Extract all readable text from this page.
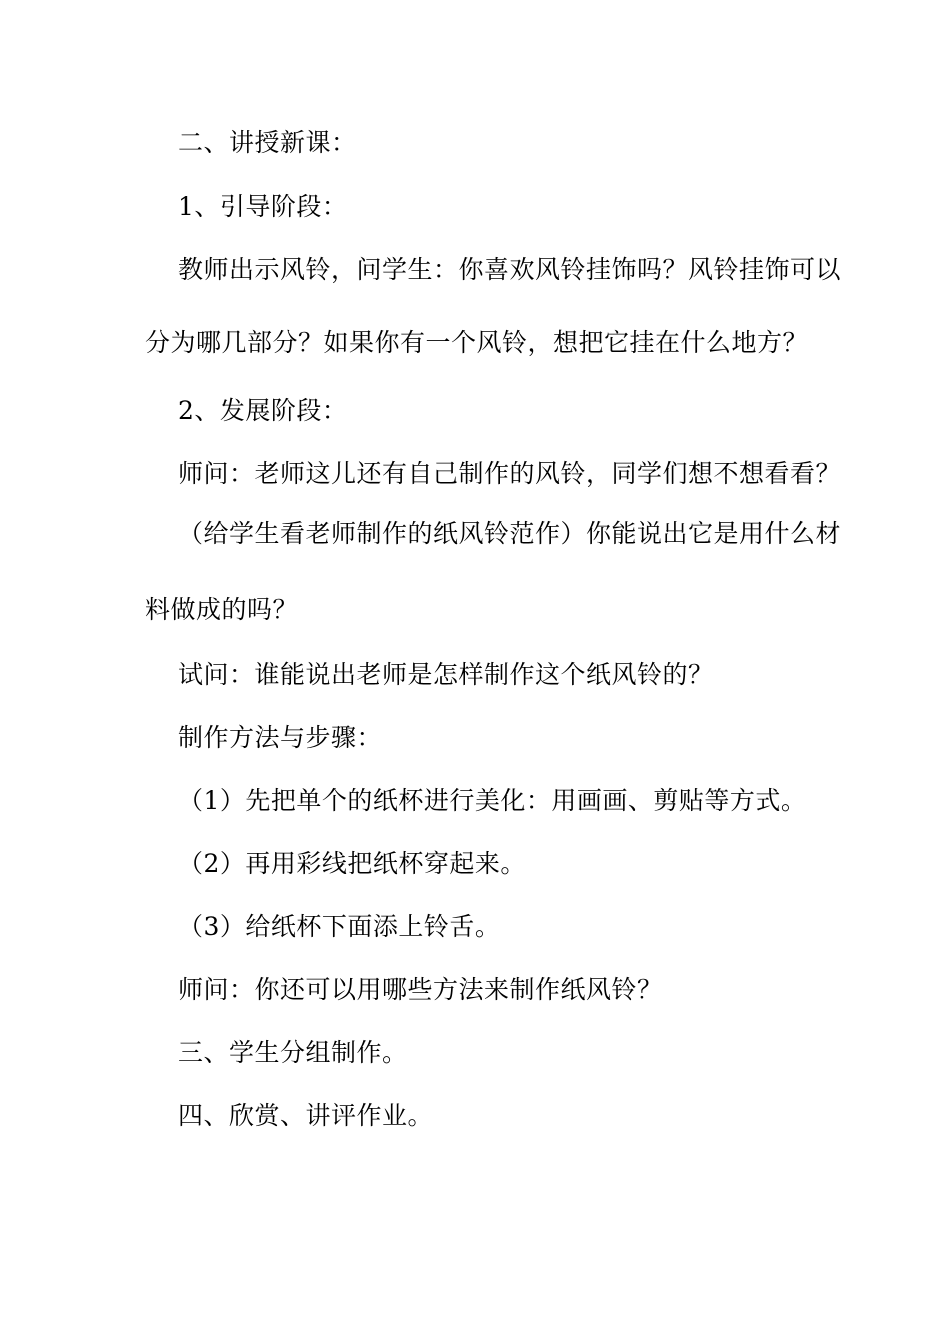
二、讲授新课：
1、引导阶段：
教师出示风铃，问学生：你喜欢风铃挂饰吗？风铃挂饰可以
分为哪几部分？如果你有一个风铃，想把它挂在什么地方？
2、发展阶段：
师问：老师这儿还有自己制作的风铃，同学们想不想看看？
（给学生看老师制作的纸风铃范作）你能说出它是用什么材
料做成的吗？
试问：谁能说出老师是怎样制作这个纸风铃的？
制作方法与步骤：
（1）先把单个的纸杯进行美化：用画画、剪贴等方式。
（2）再用彩线把纸杯穿起来。
（3）给纸杯下面添上铃舌。
师问：你还可以用哪些方法来制作纸风铃？
三、学生分组制作。
四、欣赏、讲评作业。
